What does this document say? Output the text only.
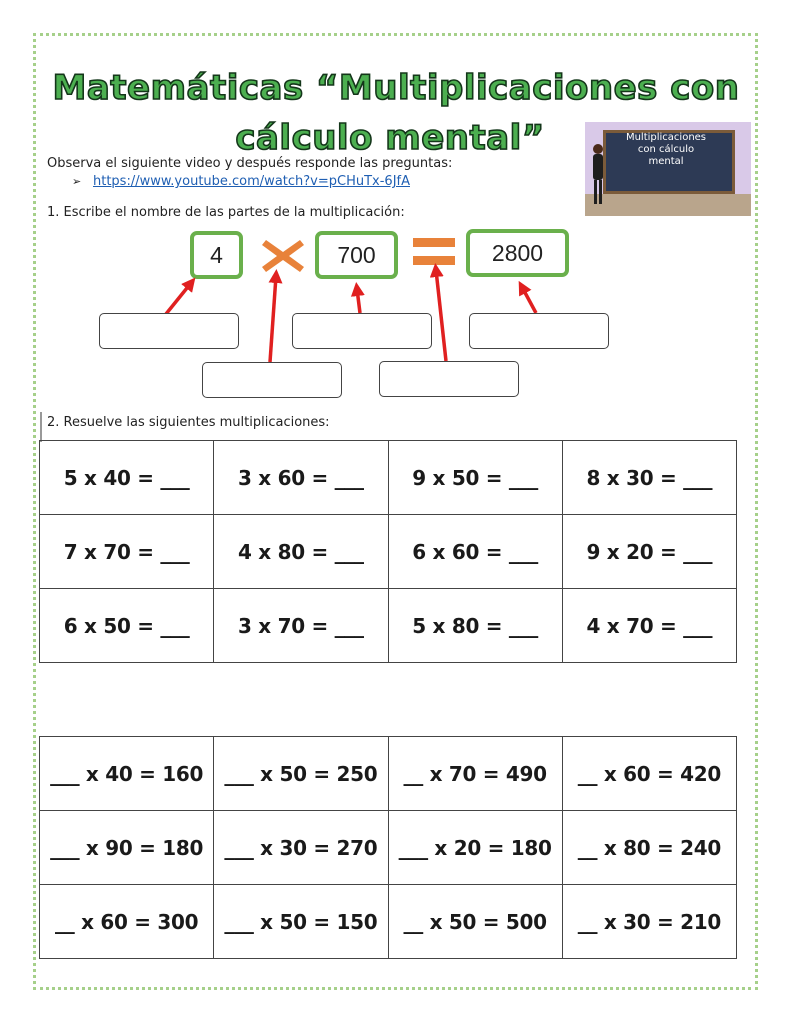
Matemáticas “Multiplicaciones con
cálculo mental”
Observa el siguiente video y después responde las preguntas:
➢ https://www.youtube.com/watch?v=pCHuTx-6JfA
Multiplicaciones
con cálculo
mental
1. Escribe el nombre de las partes de la multiplicación:
4	700	2800
2. Resuelve las siguientes multiplicaciones:
5 x 40 = ___	3 x 60 = ___	9 x 50 = ___	8 x 30 = ___
7 x 70 = ___	4 x 80 = ___	6 x 60 = ___	9 x 20 = ___
6 x 50 = ___	3 x 70 = ___	5 x 80 = ___	4 x 70 = ___
___ x 40 = 160	___ x 50 = 250	__ x 70 = 490	__ x 60 = 420
___ x 90 = 180	___ x 30 = 270	___ x 20 = 180	__ x 80 = 240
__ x 60 = 300	___ x 50 = 150	__ x 50 = 500	__ x 30 = 210
